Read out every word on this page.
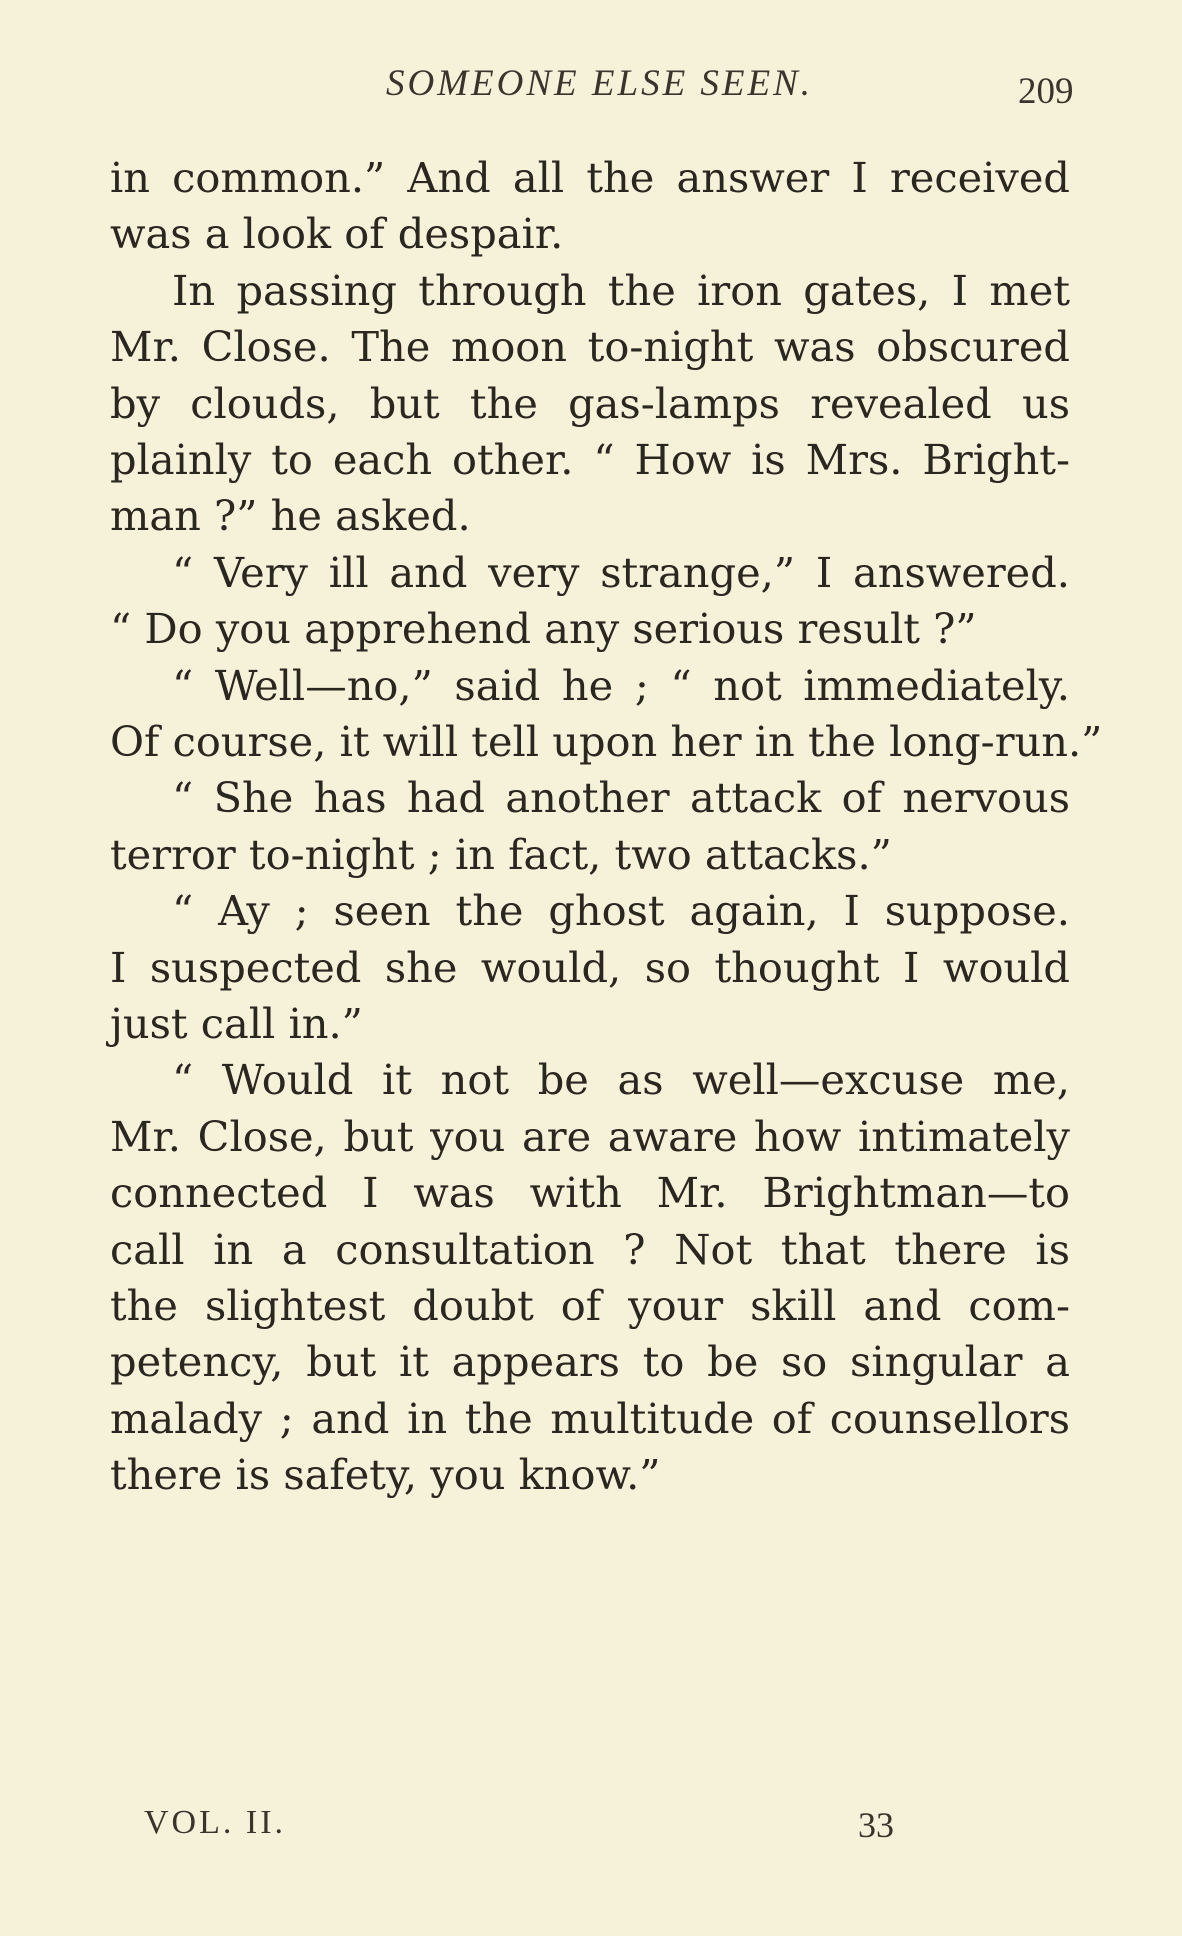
SOMEONE ELSE SEEN.	209
in common.” And all the answer I received
was a look of despair.
In passing through the iron gates, I met
Mr. Close. The moon to-night was obscured
by clouds, but the gas-lamps revealed us
plainly to each other. “ How is Mrs. Bright-
man ?” he asked.
“ Very ill and very strange,” I answered.
“ Do you apprehend any serious result ?”
“ Well—no,” said he ; “ not immediately.
Of course, it will tell upon her in the long-run.”
“ She has had another attack of nervous
terror to-night ; in fact, two attacks.”
“ Ay ; seen the ghost again, I suppose.
I suspected she would, so thought I would
just call in.”
“ Would it not be as well—excuse me,
Mr. Close, but you are aware how intimately
connected I was with Mr. Brightman—to
call in a consultation ? Not that there is
the slightest doubt of your skill and com-
petency, but it appears to be so singular a
malady ; and in the multitude of counsellors
there is safety, you know.”
VOL. II.	33
